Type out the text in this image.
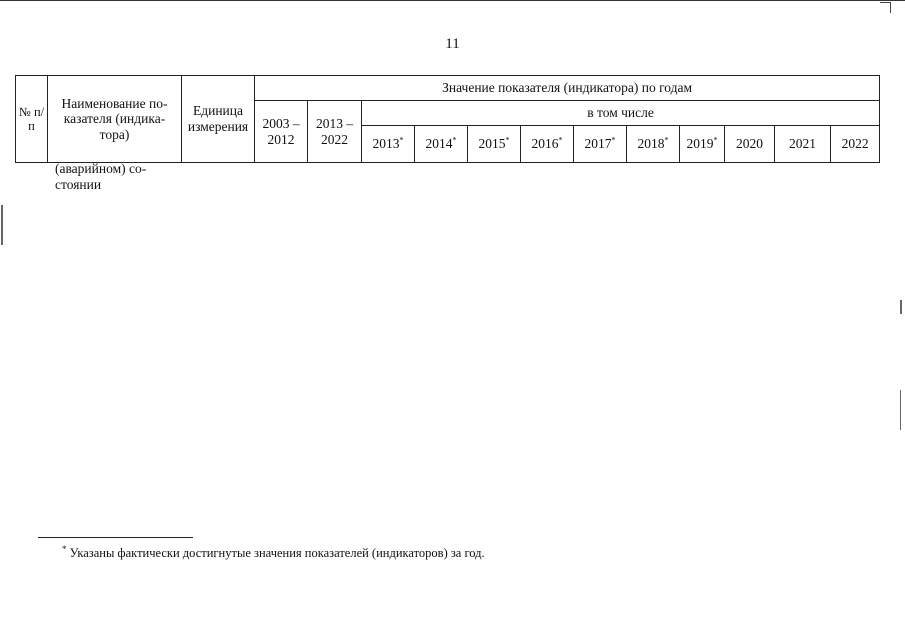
11
№ п/п	Наименование по-казателя (индика-тора)	Единица измерения	Значение показателя (индикатора) по годам											
			2003 – 2012	2013 – 2022	в том числе									
					2013*	2014*	2015*	2016*	2017*	2018*	2019*	2020	2021	2022
(аварийном) со-
стоянии
* Указаны фактически достигнутые значения показателей (индикаторов) за год.
